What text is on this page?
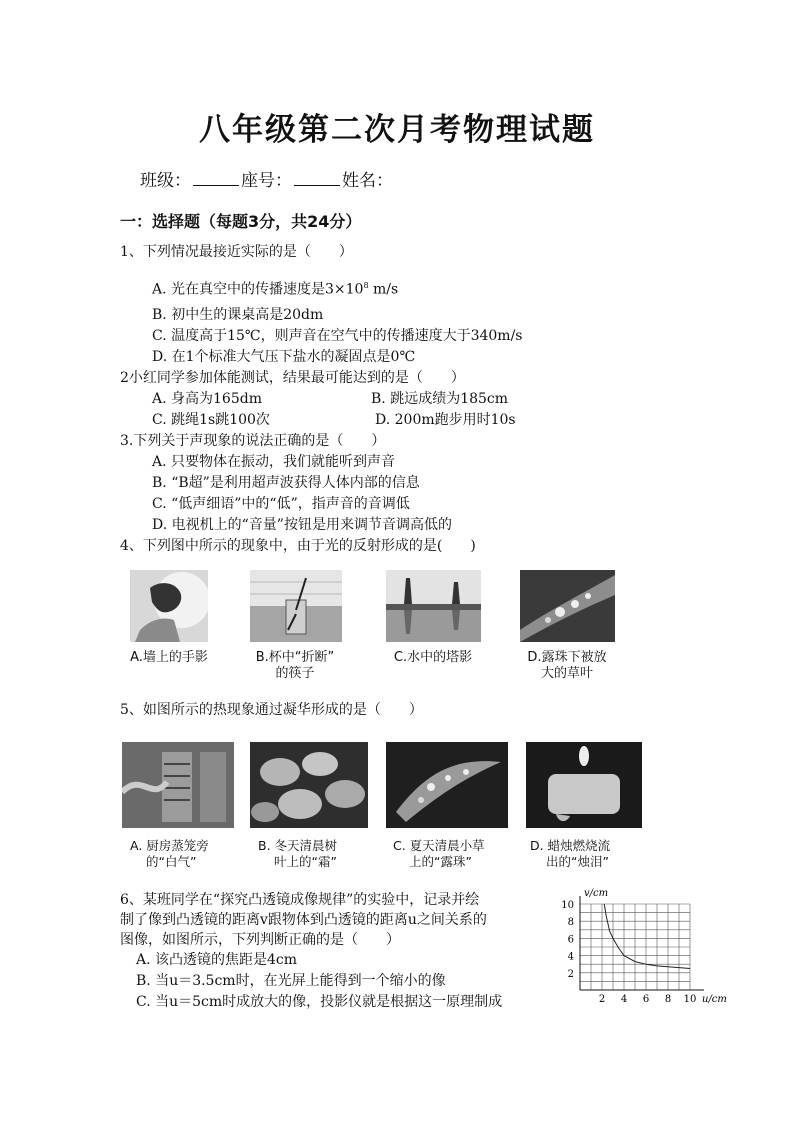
八年级第二次月考物理试题
班级：	座号：	姓名：
一：选择题（每题3分，共24分）
1、下列情况最接近实际的是（　　）
A. 光在真空中的传播速度是$3\times 10^8$ m/s
B. 初中生的课桌高是20dm
C. 温度高于15℃，则声音在空气中的传播速度大于340m/s
D. 在1个标准大气压下盐水的凝固点是0℃
2小红同学参加体能测试，结果最可能达到的是（　　）
A. 身高为165dm	B. 跳远成绩为185cm
C. 跳绳1s跳100次	D. 200m跑步用时10s
3.下列关于声现象的说法正确的是（　　）
A. 只要物体在振动，我们就能听到声音
B. “B超”是利用超声波获得人体内部的信息
C. “低声细语”中的“低”，指声音的音调低
D. 电视机上的“音量”按钮是用来调节音调高低的
4、下列图中所示的现象中，由于光的反射形成的是(　　)
A.墙上的手影	B.杯中“折断”
的筷子
C.水中的塔影	D.露珠下被放
大的草叶
5、如图所示的热现象通过凝华形成的是（　　）
A. 厨房蒸笼旁
的“白气”
B. 冬天清晨树
叶上的“霜”
C. 夏天清晨小草
上的“露珠”
D. 蜡烛燃烧流
出的“烛泪”
6、某班同学在“探究凸透镜成像规律”的实验中，记录并绘
制了像到凸透镜的距离v跟物体到凸透镜的距离u之间关系的
图像，如图所示，下列判断正确的是（　　）
A. 该凸透镜的焦距是4cm
B. 当u＝3.5cm时，在光屏上能得到一个缩小的像
C. 当u＝5cm时成放大的像，投影仪就是根据这一原理制成	2 4 6 8 10
2
4
6
8
10
v/cm
u/cm
